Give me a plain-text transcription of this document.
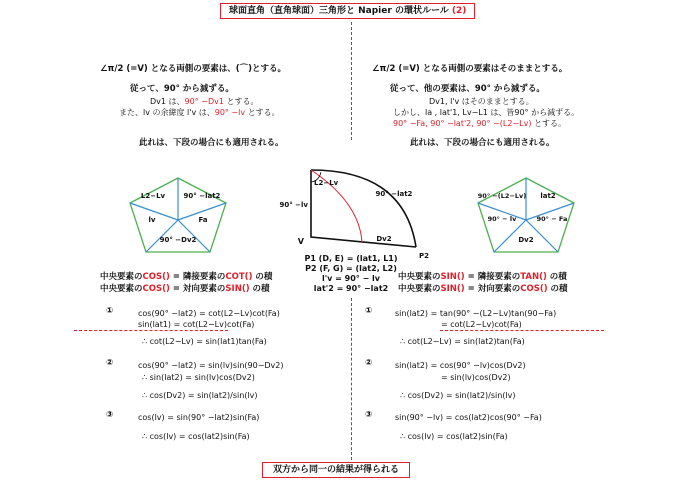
球面直角（直角球面）三角形と Napier の環状ルール (2)
∠π/2 (=V) となる両側の要素は、(⌒)とする。
従って、90° から減ずる。
Dv1 は、90° −Dv1 とする。
また、lv の余緯度 l'v は、90° −lv とする。
此れは、下段の場合にも適用される。
∠π/2 (=V) となる両側の要素はそのままとする。
従って、他の要素は、90° から減ずる。
Dv1, l'v はそのままとする。
しかし、la , lat'1, Lv−L1 は、皆90° から減ずる。
90° −Fa, 90° −lat'2, 90° −(L2−Lv) とする。
此れは、下段の場合にも適用される。
L2−Lv	90° −lat2
lv	Fa
90° −Dv2
90° −(L2−Lv) lat2
90° − lv	90° − Fa
Dv2
L2−Lv
90° −lat2
90° −lv
Dv2
V
P2
P1 (D, E) = (lat1, L1)
P2 (F, G) = (lat2, L2)
l'v = 90° − lv
lat'2 = 90° −lat2
中央要素のCOS() = 隣接要素のCOT() の積
中央要素のCOS() = 対向要素のSIN() の積
中央要素のSIN() = 隣接要素のTAN() の積
中央要素のSIN() = 対向要素のCOS() の積
①	cos(90° −lat2) = cot(L2−Lv)cot(Fa)
sin(lat1) = cot(L2−Lv)cot(Fa)
∴ cot(L2−Lv) = sin(lat1)tan(Fa)
②	cos(90° −lat2) = sin(lv)sin(90−Dv2)
∴ sin(lat2) = sin(lv)cos(Dv2)
∴ cos(Dv2) = sin(lat2)/sin(lv)
③	cos(lv) = sin(90° −lat2)sin(Fa)
∴ cos(lv) = cos(lat2)sin(Fa)
①	sin(lat2) = tan(90° −(L2−Lv)tan(90−Fa)
= cot(L2−Lv)cot(Fa)
∴ cot(L2−Lv) = sin(lat2)tan(Fa)
②	sin(lat2) = cos(90° −lv)cos(Dv2)
= sin(lv)cos(Dv2)
∴ cos(Dv2) = sin(lat2)/sin(lv)
③	sin(90° −lv) = cos(lat2)cos(90° −Fa)
∴ cos(lv) = cos(lat2)sin(Fa)
双方から同一の結果が得られる
